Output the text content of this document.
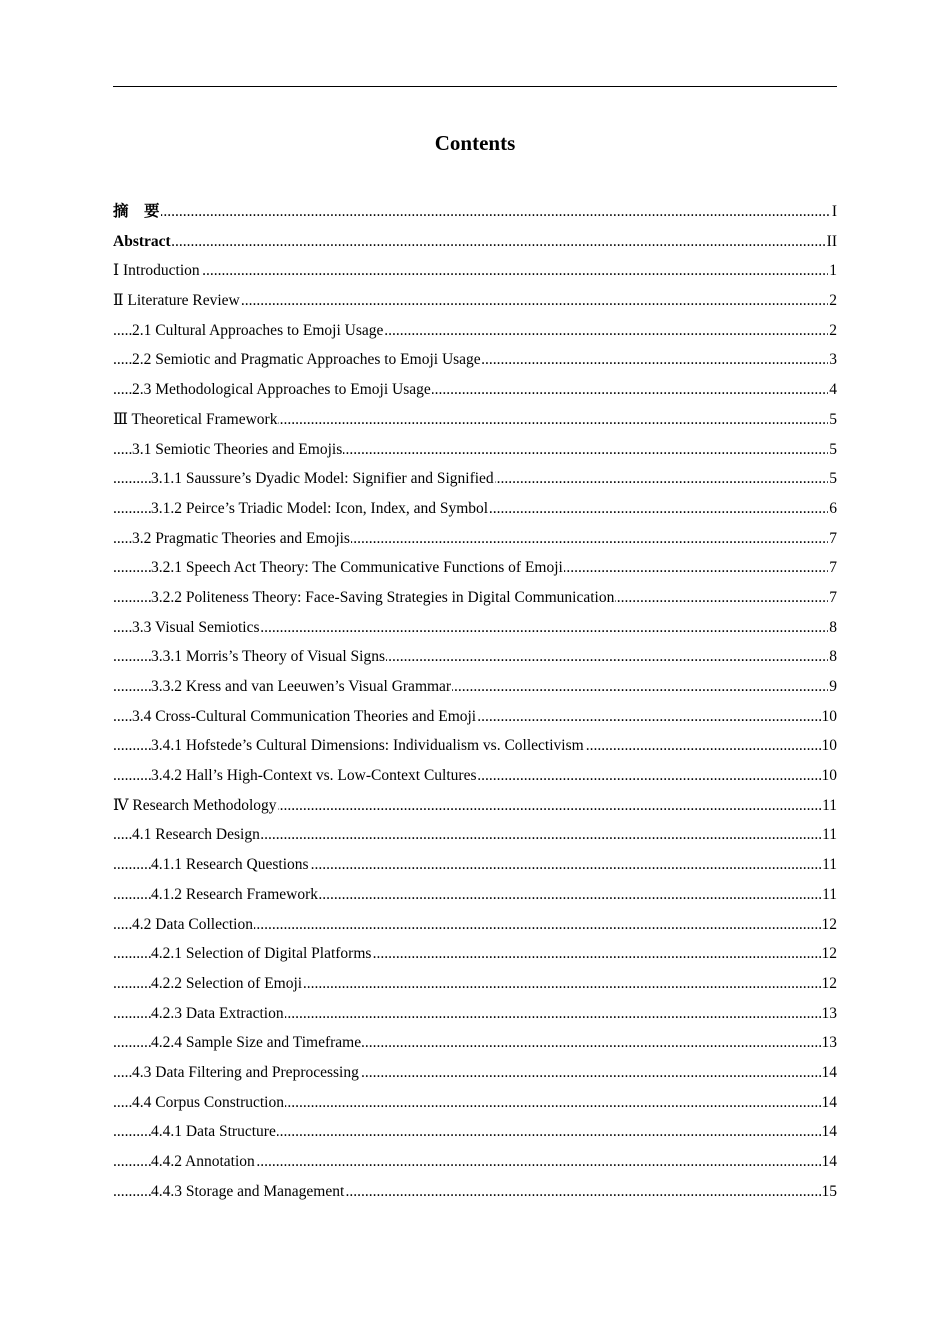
Contents
.....
摘　要	I
.....
Abstract	II
.....
Ⅰ Introduction	1
.....
Ⅱ Literature Review	2
.....
2.1 Cultural Approaches to Emoji Usage	2
.....
2.2 Semiotic and Pragmatic Approaches to Emoji Usage	3
.....
2.3 Methodological Approaches to Emoji Usage	4
.....
Ⅲ Theoretical Framework	5
.....
3.1 Semiotic Theories and Emojis	5
.....
3.1.1 Saussure’s Dyadic Model: Signifier and Signified	5
.....
3.1.2 Peirce’s Triadic Model: Icon, Index, and Symbol	6
.....
3.2 Pragmatic Theories and Emojis	7
.....
3.2.1 Speech Act Theory: The Communicative Functions of Emoji	7
.....
3.2.2 Politeness Theory: Face-Saving Strategies in Digital Communication	7
.....
3.3 Visual Semiotics	8
.....
3.3.1 Morris’s Theory of Visual Signs	8
.....
3.3.2 Kress and van Leeuwen’s Visual Grammar	9
.....
3.4 Cross-Cultural Communication Theories and Emoji	10
.....
3.4.1 Hofstede’s Cultural Dimensions: Individualism vs. Collectivism	10
.....
3.4.2 Hall’s High-Context vs. Low-Context Cultures	10
.....
Ⅳ Research Methodology	11
.....
4.1 Research Design	11
.....
4.1.1 Research Questions	11
.....
4.1.2 Research Framework	11
.....
4.2 Data Collection	12
.....
4.2.1 Selection of Digital Platforms	12
.....
4.2.2 Selection of Emoji	12
.....
4.2.3 Data Extraction	13
.....
4.2.4 Sample Size and Timeframe	13
.....
4.3 Data Filtering and Preprocessing	14
.....
4.4 Corpus Construction	14
.....
4.4.1 Data Structure	14
.....
4.4.2 Annotation	14
.....
4.4.3 Storage and Management	15
